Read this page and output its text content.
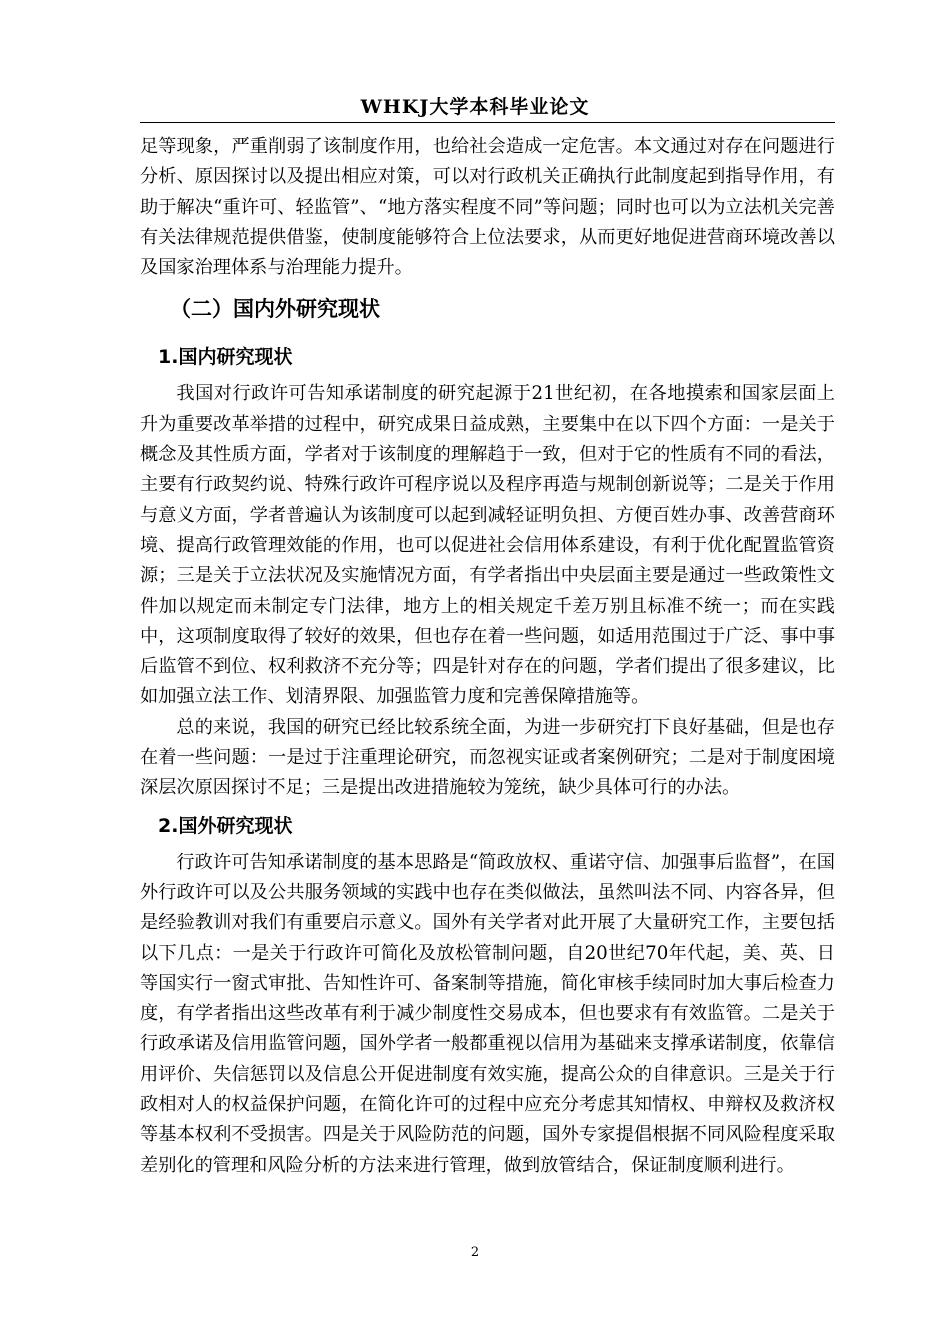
WHKJ大学本科毕业论文

足等现象，严重削弱了该制度作用，也给社会造成一定危害。本文通过对存在问题进行分析、原因探讨以及提出相应对策，可以对行政机关正确执行此制度起到指导作用，有助于解决“重许可、轻监管”、“地方落实程度不同”等问题；同时也可以为立法机关完善有关法律规范提供借鉴，使制度能够符合上位法要求，从而更好地促进营商环境改善以及国家治理体系与治理能力提升。

（二）国内外研究现状
1.国内研究现状

我国对行政许可告知承诺制度的研究起源于21世纪初，在各地摸索和国家层面上升为重要改革举措的过程中，研究成果日益成熟，主要集中在以下四个方面：一是关于概念及其性质方面，学者对于该制度的理解趋于一致，但对于它的性质有不同的看法，主要有行政契约说、特殊行政许可程序说以及程序再造与规制创新说等；二是关于作用与意义方面，学者普遍认为该制度可以起到减轻证明负担、方便百姓办事、改善营商环境、提高行政管理效能的作用，也可以促进社会信用体系建设，有利于优化配置监管资源；三是关于立法状况及实施情况方面，有学者指出中央层面主要是通过一些政策性文件加以规定而未制定专门法律，地方上的相关规定千差万别且标准不统一；而在实践中，这项制度取得了较好的效果，但也存在着一些问题，如适用范围过于广泛、事中事后监管不到位、权利救济不充分等；四是针对存在的问题，学者们提出了很多建议，比如加强立法工作、划清界限、加强监管力度和完善保障措施等。

总的来说，我国的研究已经比较系统全面，为进一步研究打下良好基础，但是也存在着一些问题：一是过于注重理论研究，而忽视实证或者案例研究；二是对于制度困境深层次原因探讨不足；三是提出改进措施较为笼统，缺少具体可行的办法。

2.国外研究现状

行政许可告知承诺制度的基本思路是“简政放权、重诺守信、加强事后监督”，在国外行政许可以及公共服务领域的实践中也存在类似做法，虽然叫法不同、内容各异，但是经验教训对我们有重要启示意义。国外有关学者对此开展了大量研究工作，主要包括以下几点：一是关于行政许可简化及放松管制问题，自20世纪70年代起，美、英、日等国实行一窗式审批、告知性许可、备案制等措施，简化审核手续同时加大事后检查力度，有学者指出这些改革有利于减少制度性交易成本，但也要求有有效监管。二是关于行政承诺及信用监管问题，国外学者一般都重视以信用为基础来支撑承诺制度，依靠信用评价、失信惩罚以及信息公开促进制度有效实施，提高公众的自律意识。三是关于行政相对人的权益保护问题，在简化许可的过程中应充分考虑其知情权、申辩权及救济权等基本权利不受损害。四是关于风险防范的问题，国外专家提倡根据不同风险程度采取差别化的管理和风险分析的方法来进行管理，做到放管结合，保证制度顺利进行。

2
